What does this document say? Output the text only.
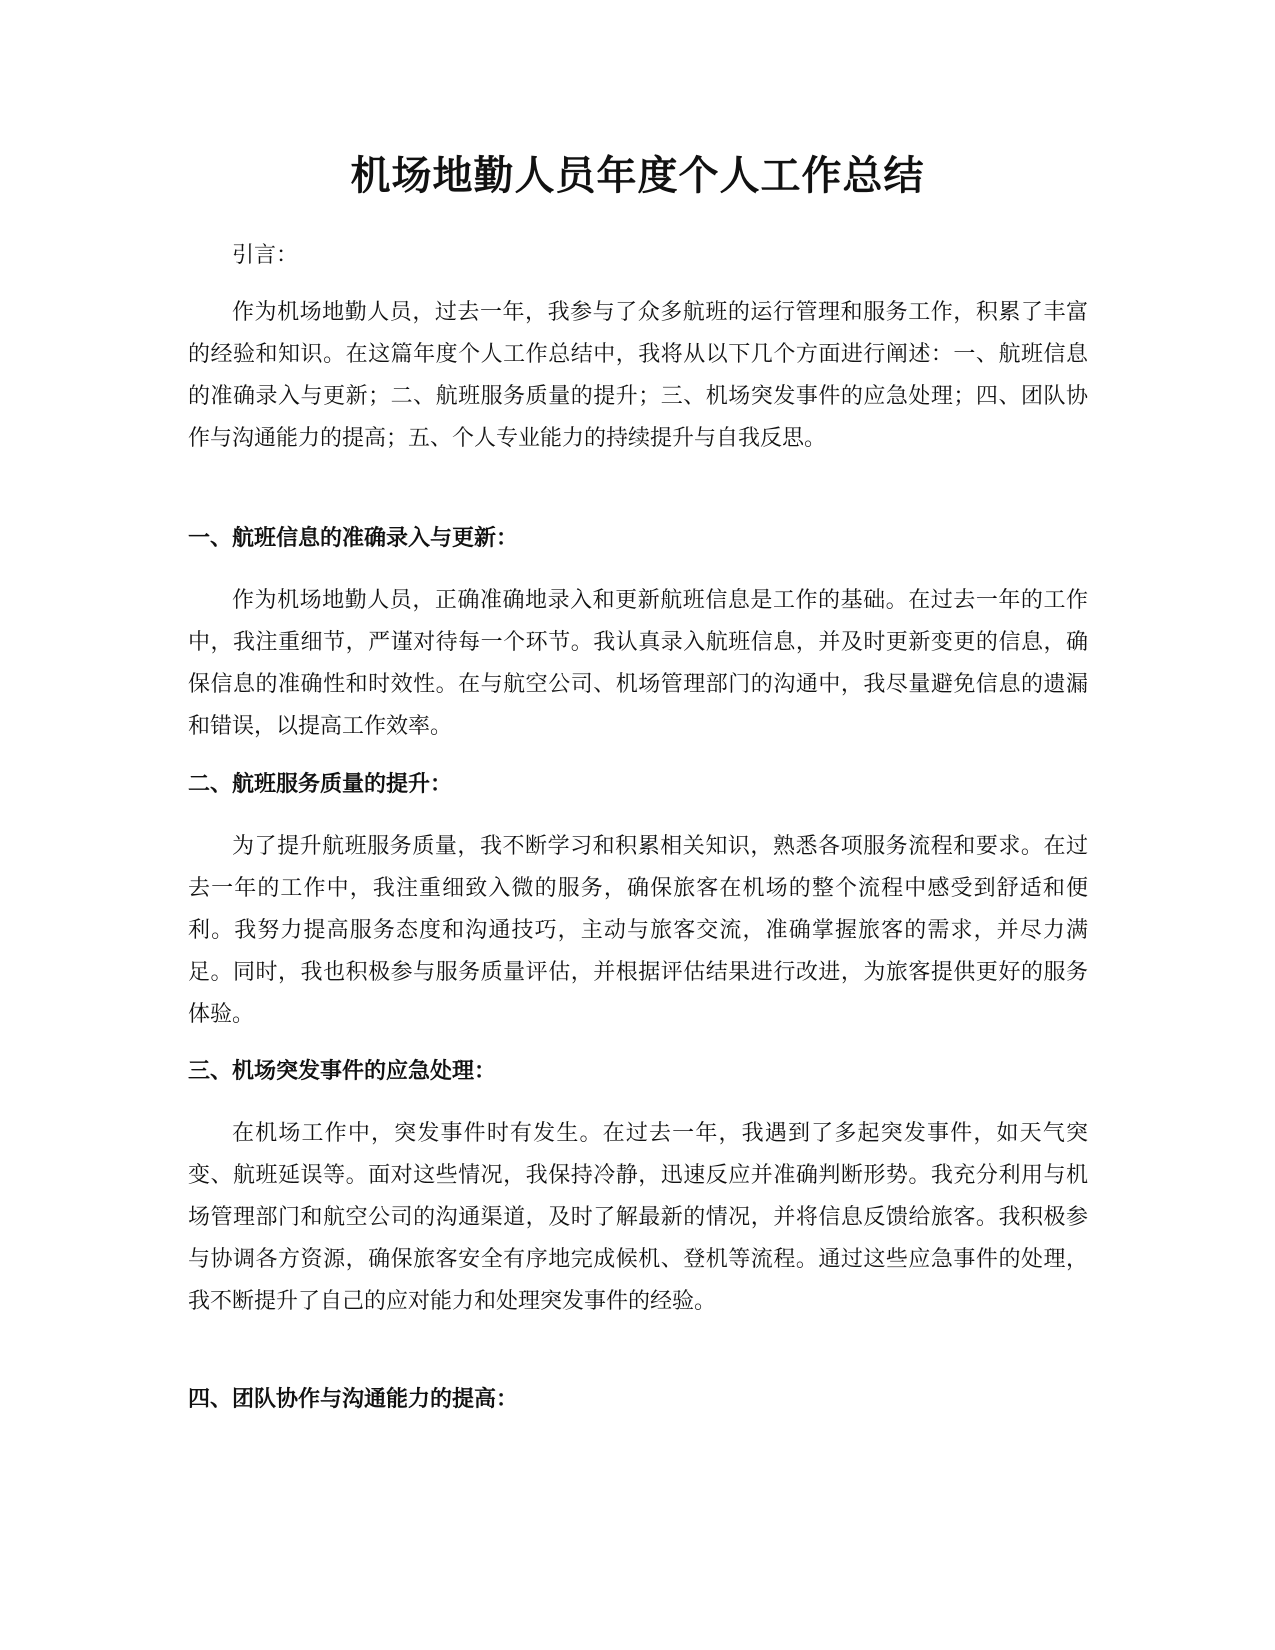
机场地勤人员年度个人工作总结

引言：

作为机场地勤人员，过去一年，我参与了众多航班的运行管理和服务工作，积累了丰富的经验和知识。在这篇年度个人工作总结中，我将从以下几个方面进行阐述：一、航班信息的准确录入与更新；二、航班服务质量的提升；三、机场突发事件的应急处理；四、团队协作与沟通能力的提高；五、个人专业能力的持续提升与自我反思。

一、航班信息的准确录入与更新：

作为机场地勤人员，正确准确地录入和更新航班信息是工作的基础。在过去一年的工作中，我注重细节，严谨对待每一个环节。我认真录入航班信息，并及时更新变更的信息，确保信息的准确性和时效性。在与航空公司、机场管理部门的沟通中，我尽量避免信息的遗漏和错误，以提高工作效率。

二、航班服务质量的提升：

为了提升航班服务质量，我不断学习和积累相关知识，熟悉各项服务流程和要求。在过去一年的工作中，我注重细致入微的服务，确保旅客在机场的整个流程中感受到舒适和便利。我努力提高服务态度和沟通技巧，主动与旅客交流，准确掌握旅客的需求，并尽力满足。同时，我也积极参与服务质量评估，并根据评估结果进行改进，为旅客提供更好的服务体验。

三、机场突发事件的应急处理：

在机场工作中，突发事件时有发生。在过去一年，我遇到了多起突发事件，如天气突变、航班延误等。面对这些情况，我保持冷静，迅速反应并准确判断形势。我充分利用与机场管理部门和航空公司的沟通渠道，及时了解最新的情况，并将信息反馈给旅客。我积极参与协调各方资源，确保旅客安全有序地完成候机、登机等流程。通过这些应急事件的处理，我不断提升了自己的应对能力和处理突发事件的经验。

四、团队协作与沟通能力的提高：
